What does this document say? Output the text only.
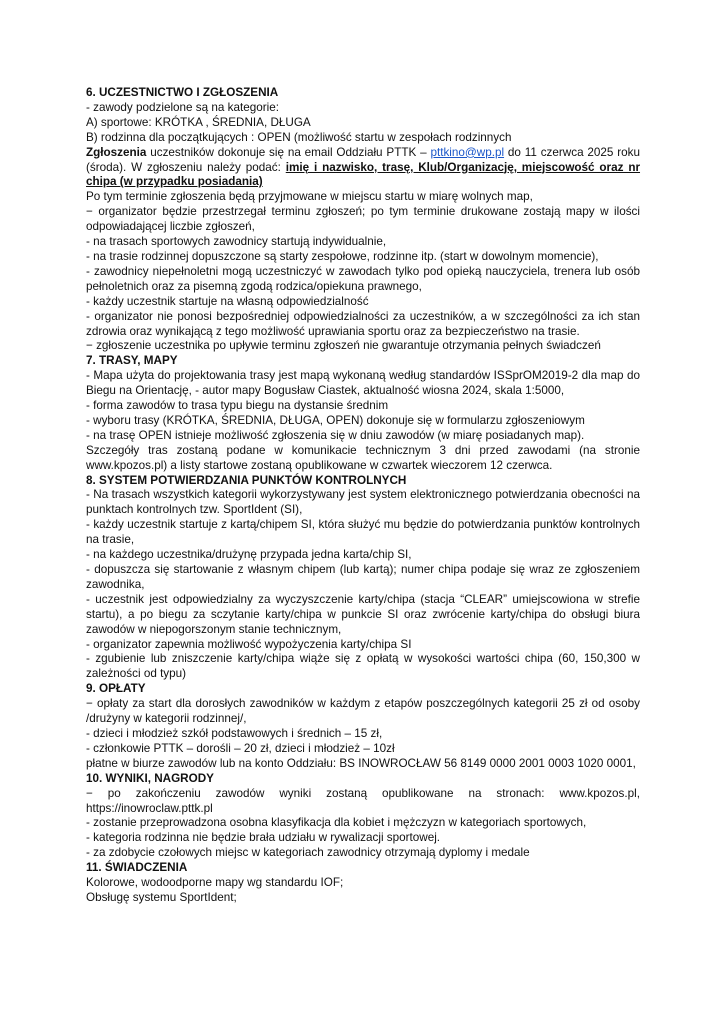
6. UCZESTNICTWO I ZGŁOSZENIA

- zawody podzielone są na kategorie:

A) sportowe: KRÓTKA , ŚREDNIA, DŁUGA

B) rodzinna dla początkujących : OPEN (możliwość startu w zespołach rodzinnych

Zgłoszenia uczestników dokonuje się na email Oddziału PTTK – pttkino@wp.pl do 11 czerwca 2025 roku (środa). W zgłoszeniu należy podać: imię i nazwisko, trasę, Klub/Organizację, miejscowość oraz nr chipa (w przypadku posiadania)

Po tym terminie zgłoszenia będą przyjmowane w miejscu startu w miarę wolnych map,

− organizator będzie przestrzegał terminu zgłoszeń; po tym terminie drukowane zostają mapy w ilości odpowiadającej liczbie zgłoszeń,

- na trasach sportowych zawodnicy startują indywidualnie,

- na trasie rodzinnej dopuszczone są starty zespołowe, rodzinne itp. (start w dowolnym momencie),

- zawodnicy niepełnoletni mogą uczestniczyć w zawodach tylko pod opieką nauczyciela, trenera lub osób pełnoletnich oraz za pisemną zgodą rodzica/opiekuna prawnego,

- każdy uczestnik startuje na własną odpowiedzialność

- organizator nie ponosi bezpośredniej odpowiedzialności za uczestników, a w szczególności za ich stan zdrowia oraz wynikającą z tego możliwość uprawiania sportu oraz za bezpieczeństwo na trasie.

− zgłoszenie uczestnika po upływie terminu zgłoszeń nie gwarantuje otrzymania pełnych świadczeń

7. TRASY, MAPY

- Mapa użyta do projektowania trasy jest mapą wykonaną według standardów ISSprOM2019-2 dla map do Biegu na Orientację, - autor mapy Bogusław Ciastek, aktualność wiosna 2024, skala 1:5000,

- forma zawodów to trasa typu biegu na dystansie średnim

- wyboru trasy (KRÓTKA, ŚREDNIA, DŁUGA, OPEN) dokonuje się w formularzu zgłoszeniowym

- na trasę OPEN istnieje możliwość zgłoszenia się w dniu zawodów (w miarę posiadanych map).

Szczegóły tras zostaną podane w komunikacie technicznym 3 dni przed zawodami (na stronie www.kpozos.pl) a listy startowe zostaną opublikowane w czwartek wieczorem 12 czerwca.

8. SYSTEM POTWIERDZANIA PUNKTÓW KONTROLNYCH

- Na trasach wszystkich kategorii wykorzystywany jest system elektronicznego potwierdzania obecności na punktach kontrolnych tzw. SportIdent (SI),

- każdy uczestnik startuje z kartą/chipem SI, która służyć mu będzie do potwierdzania punktów kontrolnych na trasie,

- na każdego uczestnika/drużynę przypada jedna karta/chip SI,

- dopuszcza się startowanie z własnym chipem (lub kartą); numer chipa podaje się wraz ze zgłoszeniem zawodnika,

- uczestnik jest odpowiedzialny za wyczyszczenie karty/chipa (stacja “CLEAR” umiejscowiona w strefie startu), a po biegu za sczytanie karty/chipa w punkcie SI oraz zwrócenie karty/chipa do obsługi biura zawodów w niepogorszonym stanie technicznym,

- organizator zapewnia możliwość wypożyczenia karty/chipa SI

- zgubienie lub zniszczenie karty/chipa wiąże się z opłatą w wysokości wartości chipa (60, 150,300 w zależności od typu)

9. OPŁATY

− opłaty za start dla dorosłych zawodników w każdym z etapów poszczególnych kategorii 25 zł od osoby /drużyny w kategorii rodzinnej/,

- dzieci i młodzież szkół podstawowych i średnich – 15 zł,

- członkowie PTTK – dorośli – 20 zł, dzieci i młodzież – 10zł

płatne w biurze zawodów lub na konto Oddziału: BS INOWROCŁAW 56 8149 0000 2001 0003 1020 0001,

10. WYNIKI, NAGRODY

− po zakończeniu zawodów wyniki zostaną opublikowane na stronach: www.kpozos.pl, https://inowroclaw.pttk.pl

- zostanie przeprowadzona osobna klasyfikacja dla kobiet i mężczyzn w kategoriach sportowych,

- kategoria rodzinna nie będzie brała udziału w rywalizacji sportowej.

- za zdobycie czołowych miejsc w kategoriach zawodnicy otrzymają dyplomy i medale

11. ŚWIADCZENIA

Kolorowe, wodoodporne mapy wg standardu IOF;

Obsługę systemu SportIdent;
